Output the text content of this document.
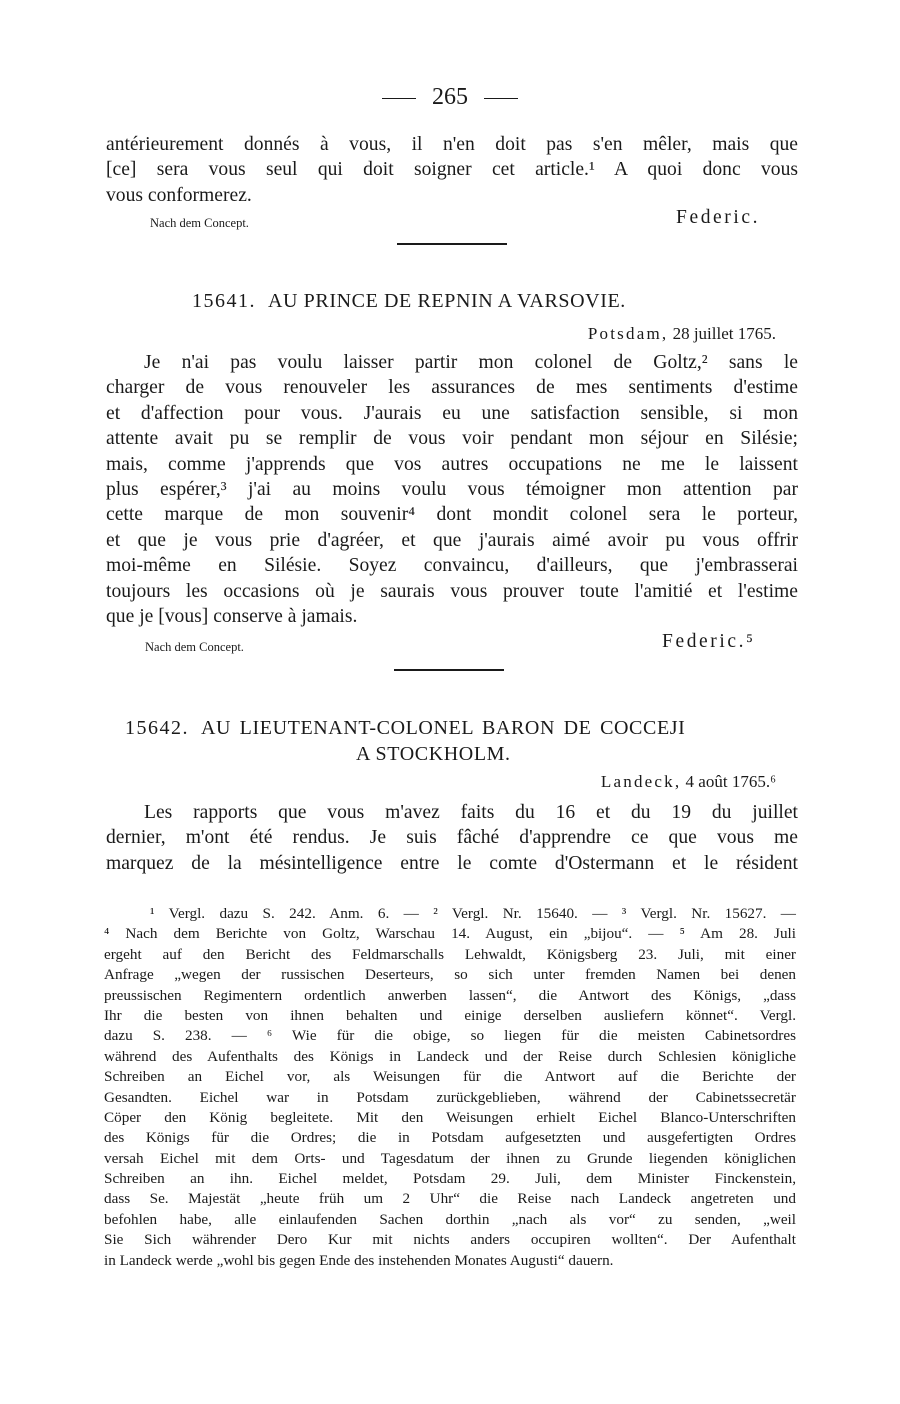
265
antérieurement donnés à vous, il n'en doit pas s'en mêler, mais que
[ce] sera vous seul qui doit soigner cet article.¹ A quoi donc vous
vous conformerez.
Nach dem Concept.	Federic.
15641. AU PRINCE DE REPNIN A VARSOVIE.
Potsdam, 28 juillet 1765.
Je n'ai pas voulu laisser partir mon colonel de Goltz,² sans le
charger de vous renouveler les assurances de mes sentiments d'estime
et d'affection pour vous. J'aurais eu une satisfaction sensible, si mon
attente avait pu se remplir de vous voir pendant mon séjour en Silésie;
mais, comme j'apprends que vos autres occupations ne me le laissent
plus espérer,³ j'ai au moins voulu vous témoigner mon attention par
cette marque de mon souvenir⁴ dont mondit colonel sera le porteur,
et que je vous prie d'agréer, et que j'aurais aimé avoir pu vous offrir
moi-même en Silésie. Soyez convaincu, d'ailleurs, que j'embrasserai
toujours les occasions où je saurais vous prouver toute l'amitié et l'estime
que je [vous] conserve à jamais.
Nach dem Concept.	Federic.⁵
15642. AU LIEUTENANT-COLONEL BARON DE COCCEJI
A STOCKHOLM.
Landeck, 4 août 1765.⁶
Les rapports que vous m'avez faits du 16 et du 19 du juillet
dernier, m'ont été rendus. Je suis fâché d'apprendre ce que vous me
marquez de la mésintelligence entre le comte d'Ostermann et le résident
¹ Vergl. dazu S. 242. Anm. 6. — ² Vergl. Nr. 15640. — ³ Vergl. Nr. 15627. —
⁴ Nach dem Berichte von Goltz, Warschau 14. August, ein „bijou“. — ⁵ Am 28. Juli
ergeht auf den Bericht des Feldmarschalls Lehwaldt, Königsberg 23. Juli, mit einer
Anfrage „wegen der russischen Deserteurs, so sich unter fremden Namen bei denen
preussischen Regimentern ordentlich anwerben lassen“, die Antwort des Königs, „dass
Ihr die besten von ihnen behalten und einige derselben ausliefern könnet“. Vergl.
dazu S. 238. — ⁶ Wie für die obige, so liegen für die meisten Cabinetsordres
während des Aufenthalts des Königs in Landeck und der Reise durch Schlesien königliche
Schreiben an Eichel vor, als Weisungen für die Antwort auf die Berichte der
Gesandten. Eichel war in Potsdam zurückgeblieben, während der Cabinetssecretär
Cöper den König begleitete. Mit den Weisungen erhielt Eichel Blanco-Unterschriften
des Königs für die Ordres; die in Potsdam aufgesetzten und ausgefertigten Ordres
versah Eichel mit dem Orts- und Tagesdatum der ihnen zu Grunde liegenden königlichen
Schreiben an ihn. Eichel meldet, Potsdam 29. Juli, dem Minister Finckenstein,
dass Se. Majestät „heute früh um 2 Uhr“ die Reise nach Landeck angetreten und
befohlen habe, alle einlaufenden Sachen dorthin „nach als vor“ zu senden, „weil
Sie Sich währender Dero Kur mit nichts anders occupiren wollten“. Der Aufenthalt
in Landeck werde „wohl bis gegen Ende des instehenden Monates Augusti“ dauern.
